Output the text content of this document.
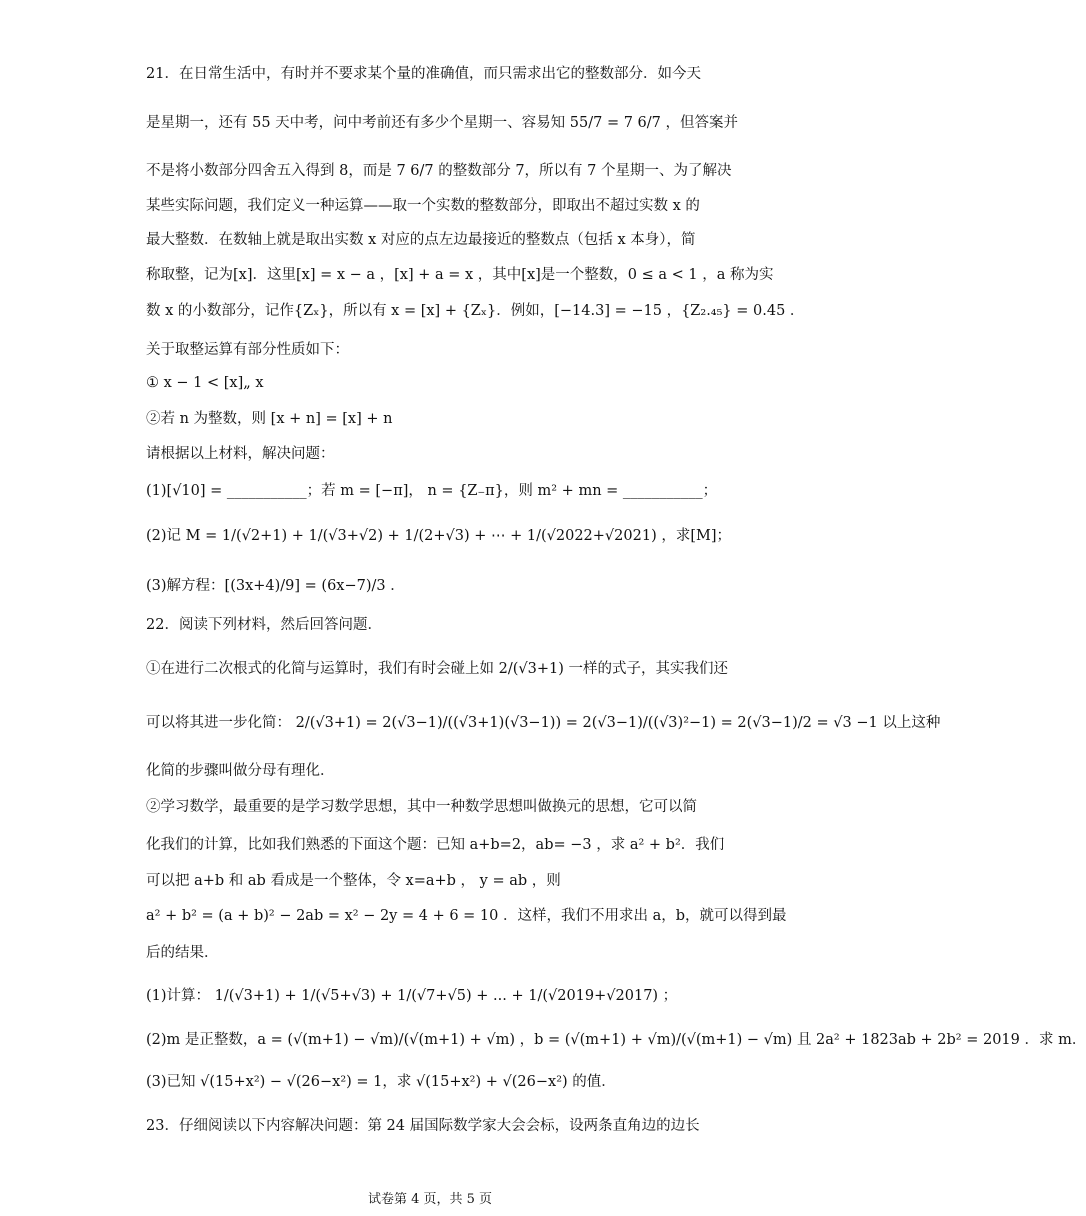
21．在日常生活中，有时并不要求某个量的准确值，而只需求出它的整数部分．如今天
是星期一，还有 55 天中考，问中考前还有多少个星期一、容易知 55/7 = 7 6/7 ，但答案并
不是将小数部分四舍五入得到 8，而是 7 6/7 的整数部分 7，所以有 7 个星期一、为了解决
某些实际问题，我们定义一种运算——取一个实数的整数部分，即取出不超过实数 x 的
最大整数．在数轴上就是取出实数 x 对应的点左边最接近的整数点（包括 x 本身），简
称取整，记为[x]．这里[x] = x − a ，[x] + a = x ，其中[x]是一个整数，0 ≤ a < 1 ，a 称为实
数 x 的小数部分，记作{Zₓ}，所以有 x = [x] + {Zₓ}．例如，[−14.3] = −15 ，{Z₂.₄₅} = 0.45 ．
关于取整运算有部分性质如下：
① x − 1 < [x]„ x
②若 n 为整数，则 [x + n] = [x] + n
请根据以上材料，解决问题：
(1)[√10] = ___________；若 m = [−π]， n = {Z₋π}，则 m² + mn = ___________；
(2)记 M = 1/(√2+1) + 1/(√3+√2) + 1/(2+√3) + ⋯ + 1/(√2022+√2021) ，求[M]；
(3)解方程：[(3x+4)/9] = (6x−7)/3 ．
22．阅读下列材料，然后回答问题．
①在进行二次根式的化简与运算时，我们有时会碰上如 2/(√3+1) 一样的式子，其实我们还
可以将其进一步化简： 2/(√3+1) = 2(√3−1)/((√3+1)(√3−1)) = 2(√3−1)/((√3)²−1) = 2(√3−1)/2 = √3 −1 以上这种
化简的步骤叫做分母有理化．
②学习数学，最重要的是学习数学思想，其中一种数学思想叫做换元的思想，它可以简
化我们的计算，比如我们熟悉的下面这个题：已知 a+b=2，ab= −3 ，求 a² + b²．我们
可以把 a+b 和 ab 看成是一个整体，令 x=a+b ， y = ab ，则
a² + b² = (a + b)² − 2ab = x² − 2y = 4 + 6 = 10 ．这样，我们不用求出 a，b，就可以得到最
后的结果．
(1)计算： 1/(√3+1) + 1/(√5+√3) + 1/(√7+√5) + ... + 1/(√2019+√2017) ；
(2)m 是正整数，a = (√(m+1) − √m)/(√(m+1) + √m) ，b = (√(m+1) + √m)/(√(m+1) − √m) 且 2a² + 1823ab + 2b² = 2019 ．求 m．
(3)已知 √(15+x²) − √(26−x²) = 1，求 √(15+x²) + √(26−x²) 的值．
23．仔细阅读以下内容解决问题：第 24 届国际数学家大会会标，设两条直角边的边长
试卷第 4 页，共 5 页
